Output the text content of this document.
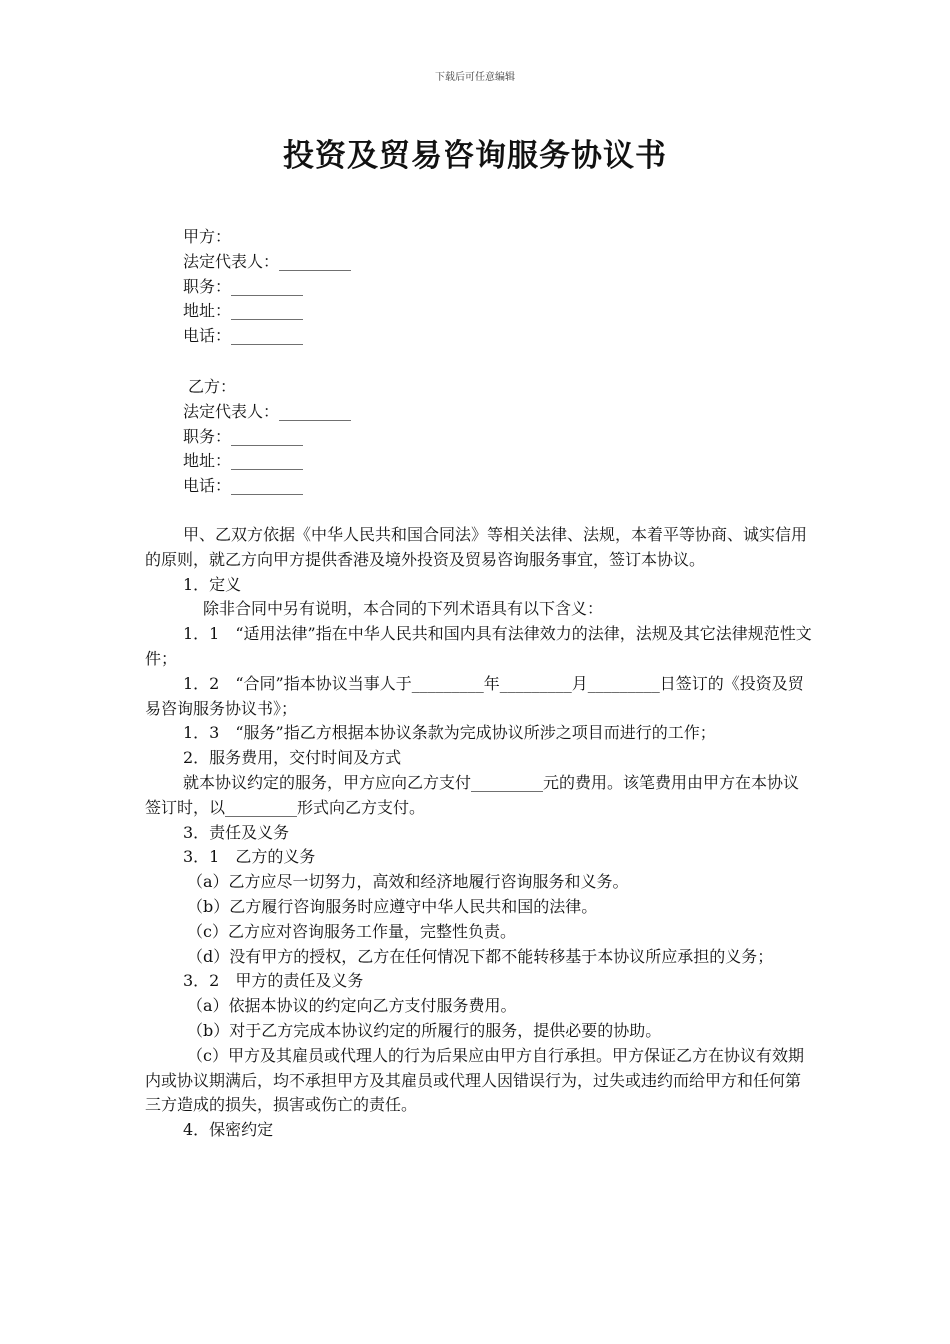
下载后可任意编辑
投资及贸易咨询服务协议书
甲方：
法定代表人：_________
职务：_________
地址：_________
电话：_________
乙方：
法定代表人：_________
职务：_________
地址：_________
电话：_________

甲、乙双方依据《中华人民共和国合同法》等相关法律、法规，本着平等协商、诚实信用的原则，就乙方向甲方提供香港及境外投资及贸易咨询服务事宜，签订本协议。

1．定义

除非合同中另有说明，本合同的下列术语具有以下含义：

1．1　“适用法律”指在中华人民共和国内具有法律效力的法律，法规及其它法律规范性文件；

1．2　“合同”指本协议当事人于_________年_________月_________日签订的《投资及贸易咨询服务协议书》；

1．3　“服务”指乙方根据本协议条款为完成协议所涉之项目而进行的工作；

2．服务费用，交付时间及方式

就本协议约定的服务，甲方应向乙方支付_________元的费用。该笔费用由甲方在本协议签订时，以_________形式向乙方支付。

3．责任及义务

3．1　乙方的义务

（a）乙方应尽一切努力，高效和经济地履行咨询服务和义务。

（b）乙方履行咨询服务时应遵守中华人民共和国的法律。

（c）乙方应对咨询服务工作量，完整性负责。

（d）没有甲方的授权，乙方在任何情况下都不能转移基于本协议所应承担的义务；

3．2　甲方的责任及义务

（a）依据本协议的约定向乙方支付服务费用。

（b）对于乙方完成本协议约定的所履行的服务，提供必要的协助。

（c）甲方及其雇员或代理人的行为后果应由甲方自行承担。甲方保证乙方在协议有效期内或协议期满后，均不承担甲方及其雇员或代理人因错误行为，过失或违约而给甲方和任何第三方造成的损失，损害或伤亡的责任。

4．保密约定
